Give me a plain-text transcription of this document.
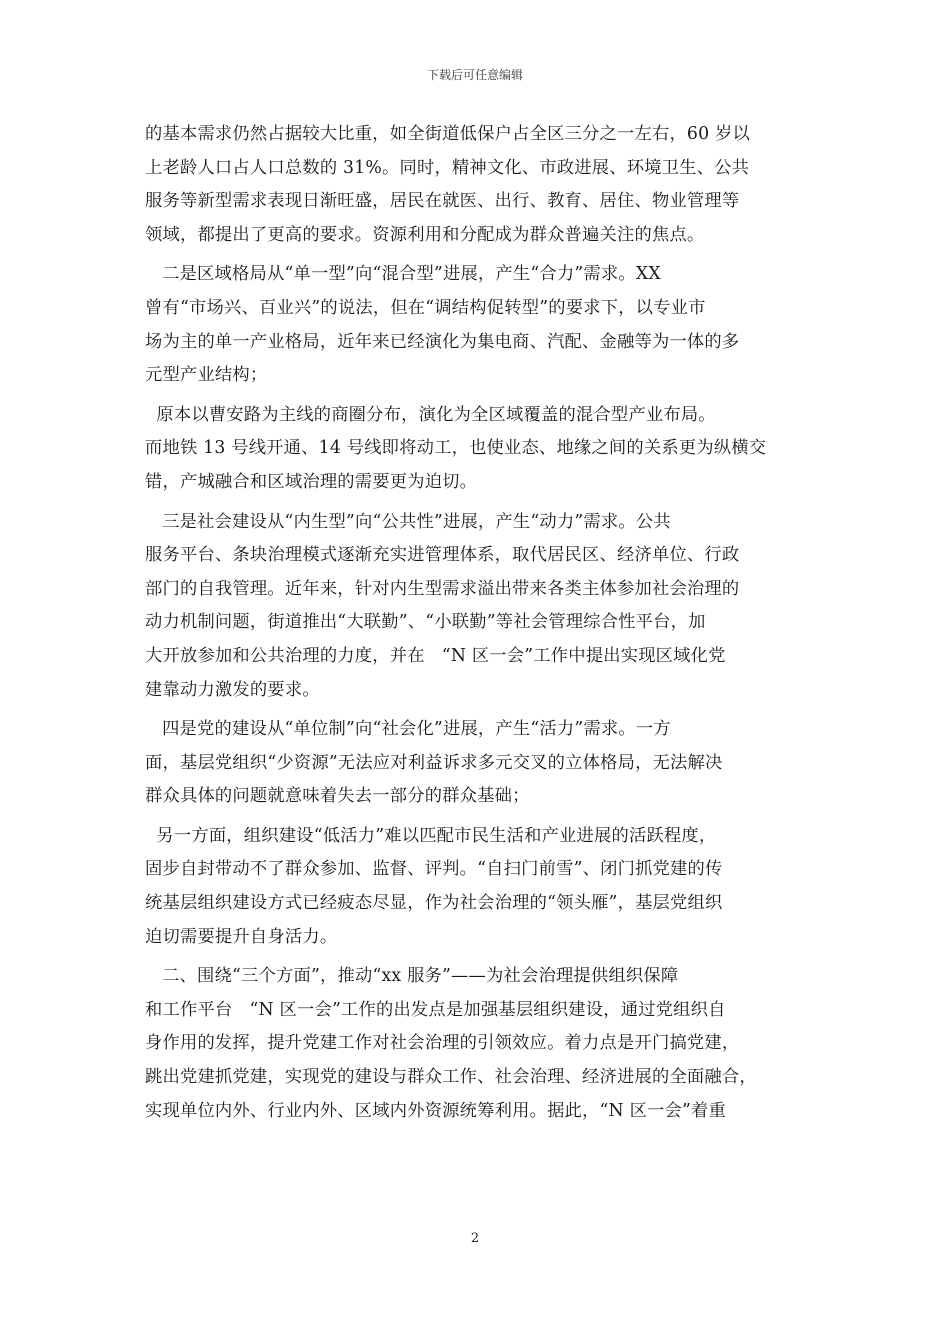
下载后可任意编辑
的基本需求仍然占据较大比重，如全街道低保户占全区三分之一左右，60 岁以
上老龄人口占人口总数的 31%。同时，精神文化、市政进展、环境卫生、公共
服务等新型需求表现日渐旺盛，居民在就医、出行、教育、居住、物业管理等
领域，都提出了更高的要求。资源利用和分配成为群众普遍关注的焦点。
二是区域格局从“单一型”向“混合型”进展，产生“合力”需求。XX
曾有“市场兴、百业兴”的说法，但在“调结构促转型”的要求下，以专业市
场为主的单一产业格局，近年来已经演化为集电商、汽配、金融等为一体的多
元型产业结构；
原本以曹安路为主线的商圈分布，演化为全区域覆盖的混合型产业布局。
而地铁 13 号线开通、14 号线即将动工，也使业态、地缘之间的关系更为纵横交
错，产城融合和区域治理的需要更为迫切。
三是社会建设从“内生型”向“公共性”进展，产生“动力”需求。公共
服务平台、条块治理模式逐渐充实进管理体系，取代居民区、经济单位、行政
部门的自我管理。近年来，针对内生型需求溢出带来各类主体参加社会治理的
动力机制问题，街道推出“大联勤”、“小联勤”等社会管理综合性平台，加
大开放参加和公共治理的力度，并在   “N 区一会”工作中提出实现区域化党
建靠动力激发的要求。
四是党的建设从“单位制”向“社会化”进展，产生“活力”需求。一方
面，基层党组织“少资源”无法应对利益诉求多元交叉的立体格局，无法解决
群众具体的问题就意味着失去一部分的群众基础；
另一方面，组织建设“低活力”难以匹配市民生活和产业进展的活跃程度，
固步自封带动不了群众参加、监督、评判。“自扫门前雪”、闭门抓党建的传
统基层组织建设方式已经疲态尽显，作为社会治理的“领头雁”，基层党组织
迫切需要提升自身活力。
二、围绕“三个方面”，推动“xx 服务”——为社会治理提供组织保障
和工作平台   “N 区一会”工作的出发点是加强基层组织建设，通过党组织自
身作用的发挥，提升党建工作对社会治理的引领效应。着力点是开门搞党建，
跳出党建抓党建，实现党的建设与群众工作、社会治理、经济进展的全面融合，
实现单位内外、行业内外、区域内外资源统筹利用。据此，“N 区一会”着重
2
